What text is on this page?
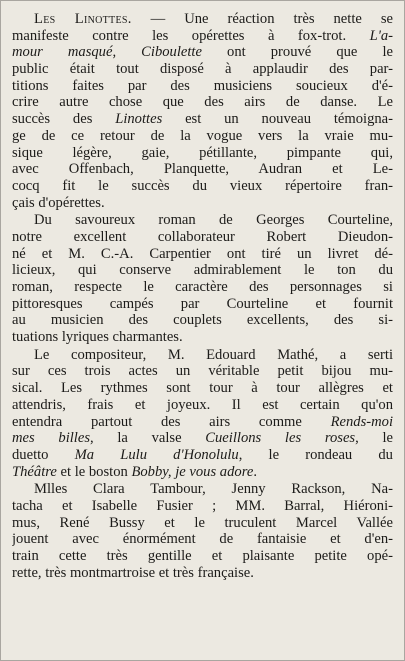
Les Linottes. — Une réaction très nette se
manifeste contre les opérettes à fox-trot. L'a-
mour masqué, Ciboulette ont prouvé que le
public était tout disposé à applaudir des par-
titions faites par des musiciens soucieux d'é-
crire autre chose que des airs de danse. Le
succès des Linottes est un nouveau témoigna-
ge de ce retour de la vogue vers la vraie mu-
sique légère, gaie, pétillante, pimpante qui,
avec Offenbach, Planquette, Audran et Le-
cocq fit le succès du vieux répertoire fran-
çais d'opérettes.
Du savoureux roman de Georges Courteline,
notre excellent collaborateur Robert Dieudon-
né et M. C.-A. Carpentier ont tiré un livret dé-
licieux, qui conserve admirablement le ton du
roman, respecte le caractère des personnages si
pittoresques campés par Courteline et fournit
au musicien des couplets excellents, des si-
tuations lyriques charmantes.
Le compositeur, M. Edouard Mathé, a serti
sur ces trois actes un véritable petit bijou mu-
sical. Les rythmes sont tour à tour allègres et
attendris, frais et joyeux. Il est certain qu'on
entendra partout des airs comme Rends-moi
mes billes, la valse Cueillons les roses, le
duetto Ma Lulu d'Honolulu, le rondeau du
Théâtre et le boston Bobby, je vous adore.
Mlles Clara Tambour, Jenny Rackson, Na-
tacha et Isabelle Fusier ; MM. Barral, Hiéroni-
mus, René Bussy et le truculent Marcel Vallée
jouent avec énormément de fantaisie et d'en-
train cette très gentille et plaisante petite opé-
rette, très montmartroise et très française.
